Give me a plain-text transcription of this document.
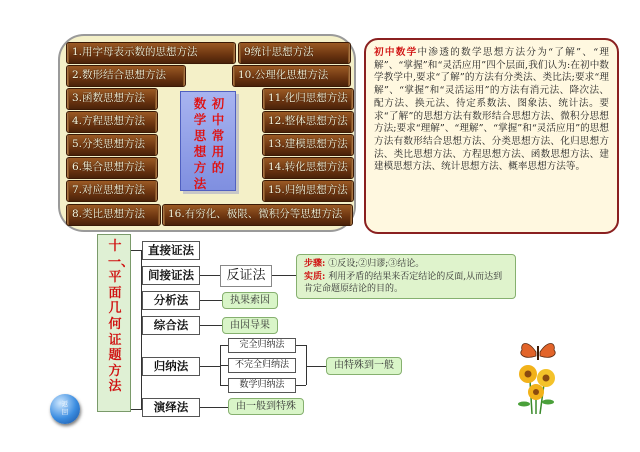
1.用字母表示数的思想方法	9统计思想方法
2.数形结合思想方法	10.公理化思想方法
3.函数思想方法	11.化归思想方法
4.方程思想方法	12.整体思想方法
5.分类思想方法	13.建模思想方法
6.集合思想方法	14.转化思想方法
7.对应思想方法	15.归纳思想方法
8.类比思想方法	16.有穷化、极限、微积分等思想方法
初中常用的
数学思想方法
初中数学中渗透的数学思想方法分为“了解”、“理解”、“掌握”和“灵活应用”四个层面,我们认为:在初中数学教学中,要求“了解”的方法有分类法、类比法;要求“理解”、“掌握”和“灵活运用”的方法有消元法、降次法、配方法、换元法、待定系数法、图象法、统计法。要求“了解”的思想方法有数形结合思想方法、微积分思想方法;要求“理解”、“理解”、“掌握”和“灵活应用”的思想方法有数形结合思想方法、分类思想方法、化归思想方法、类比思想方法、方程思想方法、函数思想方法、建建模思想方法、统计思想方法、概率思想方法等。
十一、平面几何证题方法
直接证法
间接证法
分析法
综合法
归纳法
演绎法
反证法
步骤: ①反设;②归谬;③结论。
实质: 利用矛盾的结果来否定结论的反面,从而达到肯定命题原结论的目的。
执果索因
由因导果
完全归纳法
不完全归纳法
数学归纳法
由特殊到一般
由一般到特殊
返
回
